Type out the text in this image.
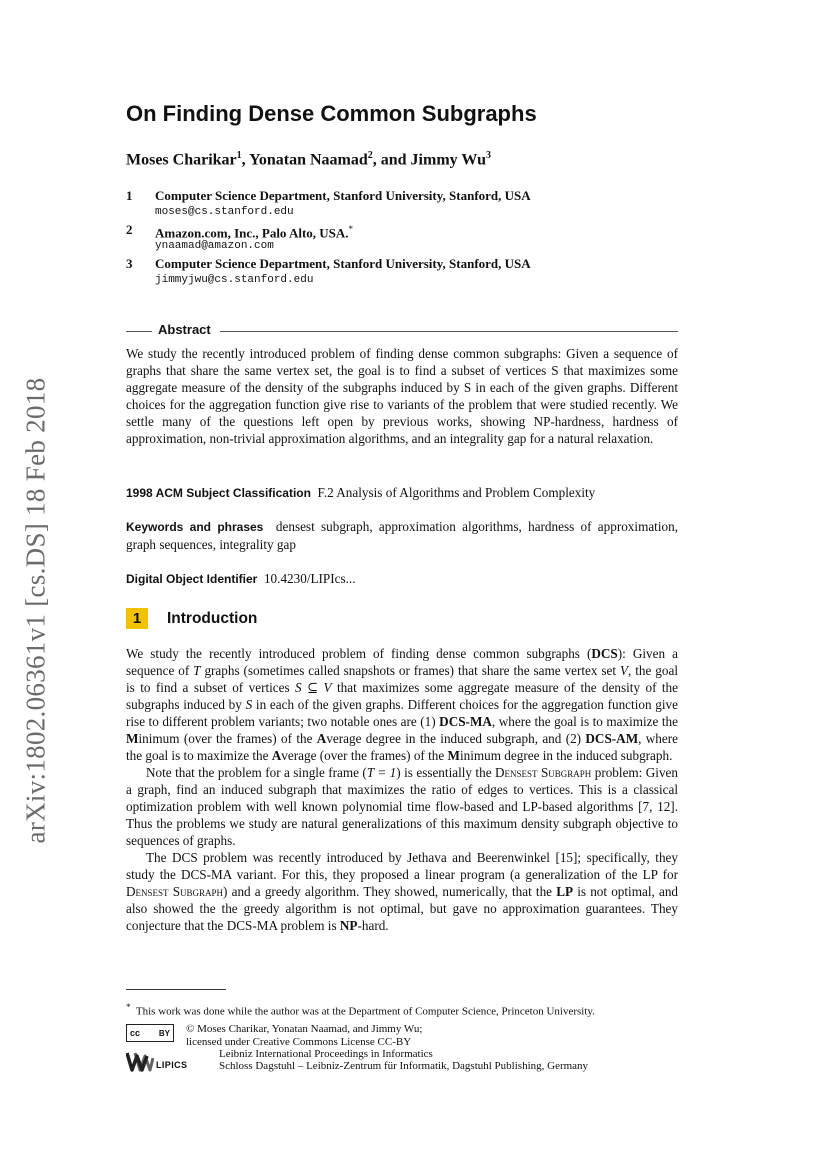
arXiv:1802.06361v1 [cs.DS] 18 Feb 2018
On Finding Dense Common Subgraphs
Moses Charikar$^1$, Yonatan Naamad$^2$, and Jimmy Wu$^3$
1 Computer Science Department, Stanford University, Stanford, USA
moses@cs.stanford.edu
2 Amazon.com, Inc., Palo Alto, USA.*
ynaamad@amazon.com
3 Computer Science Department, Stanford University, Stanford, USA
jimmyjwu@cs.stanford.edu
Abstract

We study the recently introduced problem of finding dense common subgraphs: Given a sequence of graphs that share the same vertex set, the goal is to find a subset of vertices S that maximizes some aggregate measure of the density of the subgraphs induced by S in each of the given graphs. Different choices for the aggregation function give rise to variants of the problem that were studied recently. We settle many of the questions left open by previous works, showing NP-hardness, hardness of approximation, non-trivial approximation algorithms, and an integrality gap for a natural relaxation.

1998 ACM Subject Classification F.2 Analysis of Algorithms and Problem Complexity
Keywords and phrases densest subgraph, approximation algorithms, hardness of approximation, graph sequences, integrality gap
Digital Object Identifier 10.4230/LIPIcs...
1	Introduction

We study the recently introduced problem of finding dense common subgraphs (DCS): Given a sequence of T graphs (sometimes called snapshots or frames) that share the same vertex set V, the goal is to find a subset of vertices S ⊆ V that maximizes some aggregate measure of the density of the subgraphs induced by S in each of the given graphs. Different choices for the aggregation function give rise to different problem variants; two notable ones are (1) DCS-MA, where the goal is to maximize the Minimum (over the frames) of the Average degree in the induced subgraph, and (2) DCS-AM, where the goal is to maximize the Average (over the frames) of the Minimum degree in the induced subgraph.

Note that the problem for a single frame (T = 1) is essentially the Densest Subgraph problem: Given a graph, find an induced subgraph that maximizes the ratio of edges to vertices. This is a classical optimization problem with well known polynomial time flow-based and LP-based algorithms [7, 12]. Thus the problems we study are natural generalizations of this maximum density subgraph objective to sequences of graphs.

The DCS problem was recently introduced by Jethava and Beerenwinkel [15]; specifically, they study the DCS-MA variant. For this, they proposed a linear program (a generalization of the LP for Densest Subgraph) and a greedy algorithm. They showed, numerically, that the LP is not optimal, and also showed the the greedy algorithm is not optimal, but gave no approximation guarantees. They conjecture that the DCS-MA problem is NP-hard.

* This work was done while the author was at the Department of Computer Science, Princeton University.
cc BY © Moses Charikar, Yonatan Naamad, and Jimmy Wu;
licensed under Creative Commons License CC-BY
LIPICS
Leibniz International Proceedings in Informatics
Schloss Dagstuhl – Leibniz-Zentrum für Informatik, Dagstuhl Publishing, Germany
